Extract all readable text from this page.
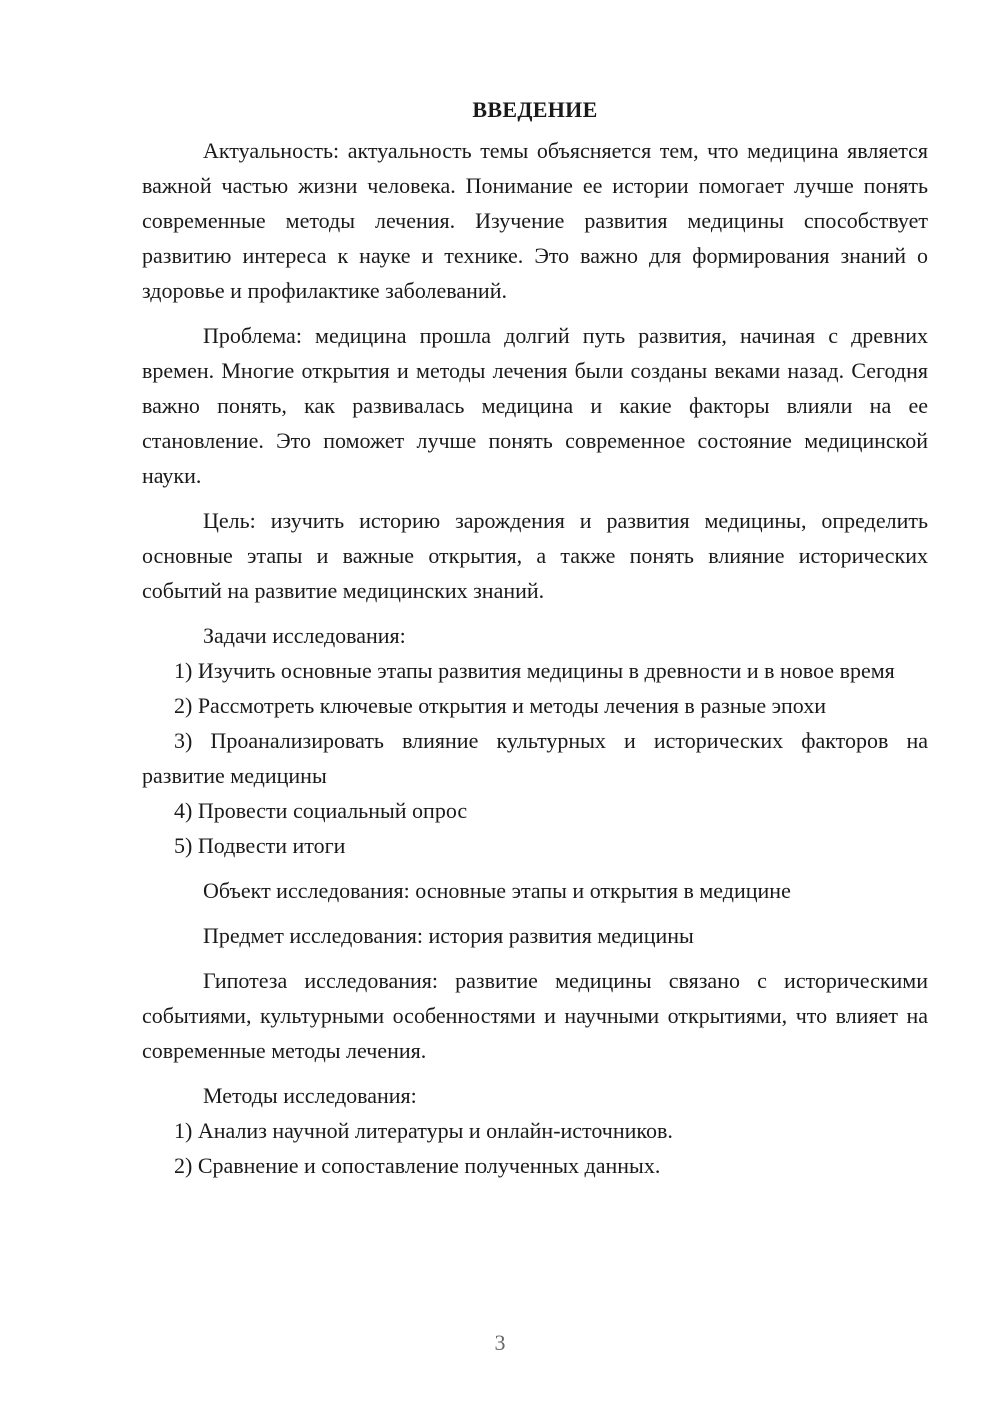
ВВЕДЕНИЕ

Актуальность: актуальность темы объясняется тем, что медицина является важной частью жизни человека. Понимание ее истории помогает лучше понять современные методы лечения. Изучение развития медицины способствует развитию интереса к науке и технике. Это важно для формирования знаний о здоровье и профилактике заболеваний.

Проблема: медицина прошла долгий путь развития, начиная с древних времен. Многие открытия и методы лечения были созданы веками назад. Сегодня важно понять, как развивалась медицина и какие факторы влияли на ее становление. Это поможет лучше понять современное состояние медицинской науки.

Цель: изучить историю зарождения и развития медицины, определить основные этапы и важные открытия, а также понять влияние исторических событий на развитие медицинских знаний.

Задачи исследования:

1) Изучить основные этапы развития медицины в древности и в новое время

2) Рассмотреть ключевые открытия и методы лечения в разные эпохи

3) Проанализировать влияние культурных и исторических факторов на развитие медицины

4) Провести социальный опрос

5) Подвести итоги

Объект исследования: основные этапы и открытия в медицине

Предмет исследования: история развития медицины

Гипотеза исследования: развитие медицины связано с историческими событиями, культурными особенностями и научными открытиями, что влияет на современные методы лечения.

Методы исследования:

1) Анализ научной литературы и онлайн-источников.

2) Сравнение и сопоставление полученных данных.

3
